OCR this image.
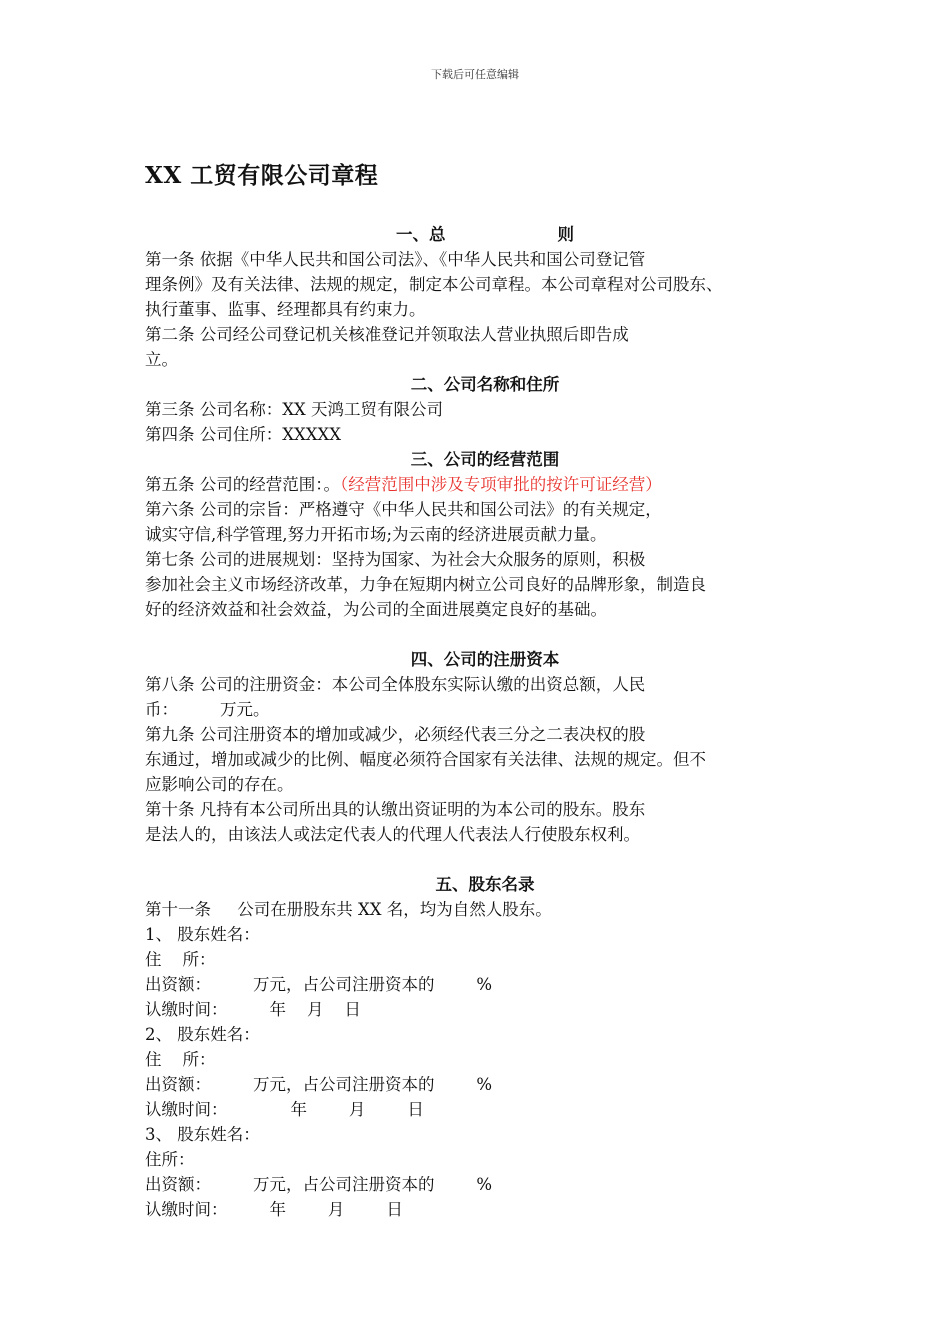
下载后可任意编辑
XX 工贸有限公司章程
一、总	则
第一条 依据《中华人民共和国公司法》、《中华人民共和国公司登记管
理条例》及有关法律、法规的规定，制定本公司章程。本公司章程对公司股东、
执行董事、监事、经理都具有约束力。
第二条 公司经公司登记机关核准登记并领取法人营业执照后即告成
立。
二、公司名称和住所
第三条 公司名称：XX 天鸿工贸有限公司
第四条 公司住所：XXXXX
三、公司的经营范围
第五条 公司的经营范围：。（经营范围中涉及专项审批的按许可证经营）
第六条 公司的宗旨：严格遵守《中华人民共和国公司法》的有关规定，
诚实守信,科学管理,努力开拓市场;为云南的经济进展贡献力量。
第七条 公司的进展规划：坚持为国家、为社会大众服务的原则，积极
参加社会主义市场经济改革，力争在短期内树立公司良好的品牌形象，制造良
好的经济效益和社会效益，为公司的全面进展奠定良好的基础。
四、公司的注册资本
第八条 公司的注册资金：本公司全体股东实际认缴的出资总额，人民
币：        万元。
第九条 公司注册资本的增加或减少，必须经代表三分之二表决权的股
东通过，增加或减少的比例、幅度必须符合国家有关法律、法规的规定。但不
应影响公司的存在。
第十条 凡持有本公司所出具的认缴出资证明的为本公司的股东。股东
是法人的，由该法人或法定代表人的代理人代表法人行使股东权利。
五、股东名录
第十一条     公司在册股东共 XX 名，均为自然人股东。
1、 股东姓名：
住    所：
出资额：        万元，占公司注册资本的        %
认缴时间：        年    月    日
2、 股东姓名：
住    所：
出资额：        万元，占公司注册资本的        %
认缴时间：            年        月        日
3、 股东姓名：
住所：
出资额：        万元，占公司注册资本的        %
认缴时间：        年        月        日
